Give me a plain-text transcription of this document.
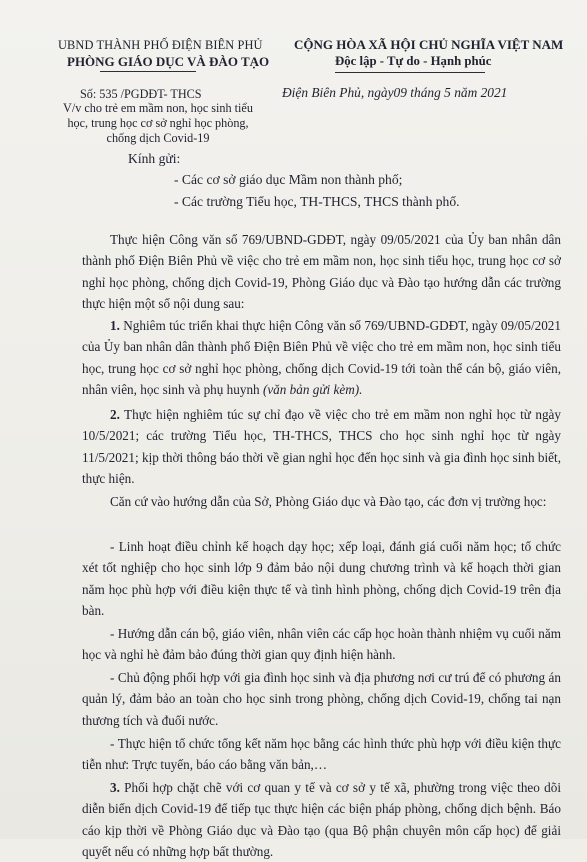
UBND THÀNH PHỐ ĐIỆN BIÊN PHỦ
PHÒNG GIÁO DỤC VÀ ĐÀO TẠO
CỘNG HÒA XÃ HỘI CHỦ NGHĨA VIỆT NAM
Độc lập - Tự do - Hạnh phúc
Số: 535 /PGDĐT- THCS	Điện Biên Phủ, ngày09 tháng 5 năm 2021
V/v cho trẻ em mầm non, học sinh tiểu học, trung học cơ sở nghỉ học phòng, chống dịch Covid-19
Kính gửi:
- Các cơ sở giáo dục Mầm non thành phố;
- Các trường Tiểu học, TH-THCS, THCS thành phố.

Thực hiện Công văn số 769/UBND-GDĐT, ngày 09/05/2021 của Ủy ban nhân dân thành phố Điện Biên Phủ về việc cho trẻ em mầm non, học sinh tiểu học, trung học cơ sở nghỉ học phòng, chống dịch Covid-19, Phòng Giáo dục và Đào tạo hướng dẫn các trường thực hiện một số nội dung sau:

1. Nghiêm túc triển khai thực hiện Công văn số 769/UBND-GDĐT, ngày 09/05/2021 của Ủy ban nhân dân thành phố Điện Biên Phủ về việc cho trẻ em mầm non, học sinh tiểu học, trung học cơ sở nghỉ học phòng, chống dịch Covid-19 tới toàn thể cán bộ, giáo viên, nhân viên, học sinh và phụ huynh (văn bản gửi kèm).

2. Thực hiện nghiêm túc sự chỉ đạo về việc cho trẻ em mầm non nghỉ học từ ngày 10/5/2021; các trường Tiểu học, TH-THCS, THCS cho học sinh nghỉ học từ ngày 11/5/2021; kịp thời thông báo thời về gian nghỉ học đến học sinh và gia đình học sinh biết, thực hiện.

Căn cứ vào hướng dẫn của Sở, Phòng Giáo dục và Đào tạo, các đơn vị trường học:

- Linh hoạt điều chỉnh kế hoạch dạy học; xếp loại, đánh giá cuối năm học; tổ chức xét tốt nghiệp cho học sinh lớp 9 đảm bảo nội dung chương trình và kế hoạch thời gian năm học phù hợp với điều kiện thực tế và tình hình phòng, chống dịch Covid-19 trên địa bàn.

- Hướng dẫn cán bộ, giáo viên, nhân viên các cấp học hoàn thành nhiệm vụ cuối năm học và nghỉ hè đảm bảo đúng thời gian quy định hiện hành.

- Chủ động phối hợp với gia đình học sinh và địa phương nơi cư trú để có phương án quản lý, đảm bảo an toàn cho học sinh trong phòng, chống dịch Covid-19, chống tai nạn thương tích và đuối nước.

- Thực hiện tổ chức tổng kết năm học bằng các hình thức phù hợp với điều kiện thực tiễn như: Trực tuyến, báo cáo bằng văn bản,…

3. Phối hợp chặt chẽ với cơ quan y tế và cơ sở y tế xã, phường trong việc theo dõi diễn biến dịch Covid-19 để tiếp tục thực hiện các biện pháp phòng, chống dịch bệnh. Báo cáo kịp thời về Phòng Giáo dục và Đào tạo (qua Bộ phận chuyên môn cấp học) để giải quyết nếu có những hợp bất thường.
